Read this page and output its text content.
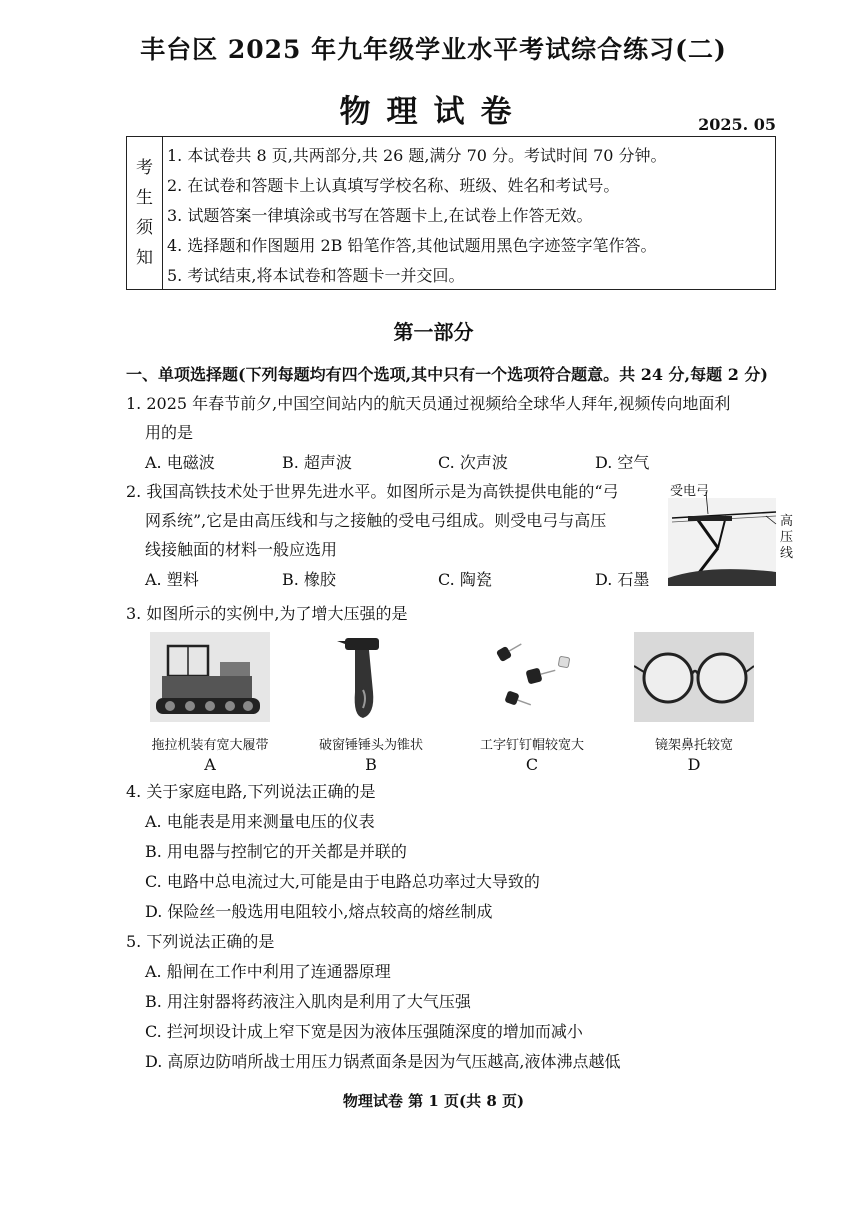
丰台区 2025 年九年级学业水平考试综合练习(二)
物理试卷	2025. 05
考
生
须
知
1. 本试卷共 8 页,共两部分,共 26 题,满分 70 分。考试时间 70 分钟。
2. 在试卷和答题卡上认真填写学校名称、班级、姓名和考试号。
3. 试题答案一律填涂或书写在答题卡上,在试卷上作答无效。
4. 选择题和作图题用 2B 铅笔作答,其他试题用黑色字迹签字笔作答。
5. 考试结束,将本试卷和答题卡一并交回。
第一部分
一、单项选择题(下列每题均有四个选项,其中只有一个选项符合题意。共 24 分,每题 2 分)
1. 2025 年春节前夕,中国空间站内的航天员通过视频给全球华人拜年,视频传向地面利
用的是
A. 电磁波	B. 超声波	C. 次声波	D. 空气
2. 我国高铁技术处于世界先进水平。如图所示是为高铁提供电能的“弓
网系统”,它是由高压线和与之接触的受电弓组成。则受电弓与高压
线接触面的材料一般应选用
A. 塑料	B. 橡胶	C. 陶瓷	D. 石墨
受电弓
高
压
线
3. 如图所示的实例中,为了增大压强的是
拖拉机装有宽大履带
A
破窗锤锤头为锥状
B
工字钉钉帽较宽大
C
镜架鼻托较宽
D
4. 关于家庭电路,下列说法正确的是
A. 电能表是用来测量电压的仪表
B. 用电器与控制它的开关都是并联的
C. 电路中总电流过大,可能是由于电路总功率过大导致的
D. 保险丝一般选用电阻较小,熔点较高的熔丝制成
5. 下列说法正确的是
A. 船闸在工作中利用了连通器原理
B. 用注射器将药液注入肌肉是利用了大气压强
C. 拦河坝设计成上窄下宽是因为液体压强随深度的增加而减小
D. 高原边防哨所战士用压力锅煮面条是因为气压越高,液体沸点越低
物理试卷 第 1 页(共 8 页)
